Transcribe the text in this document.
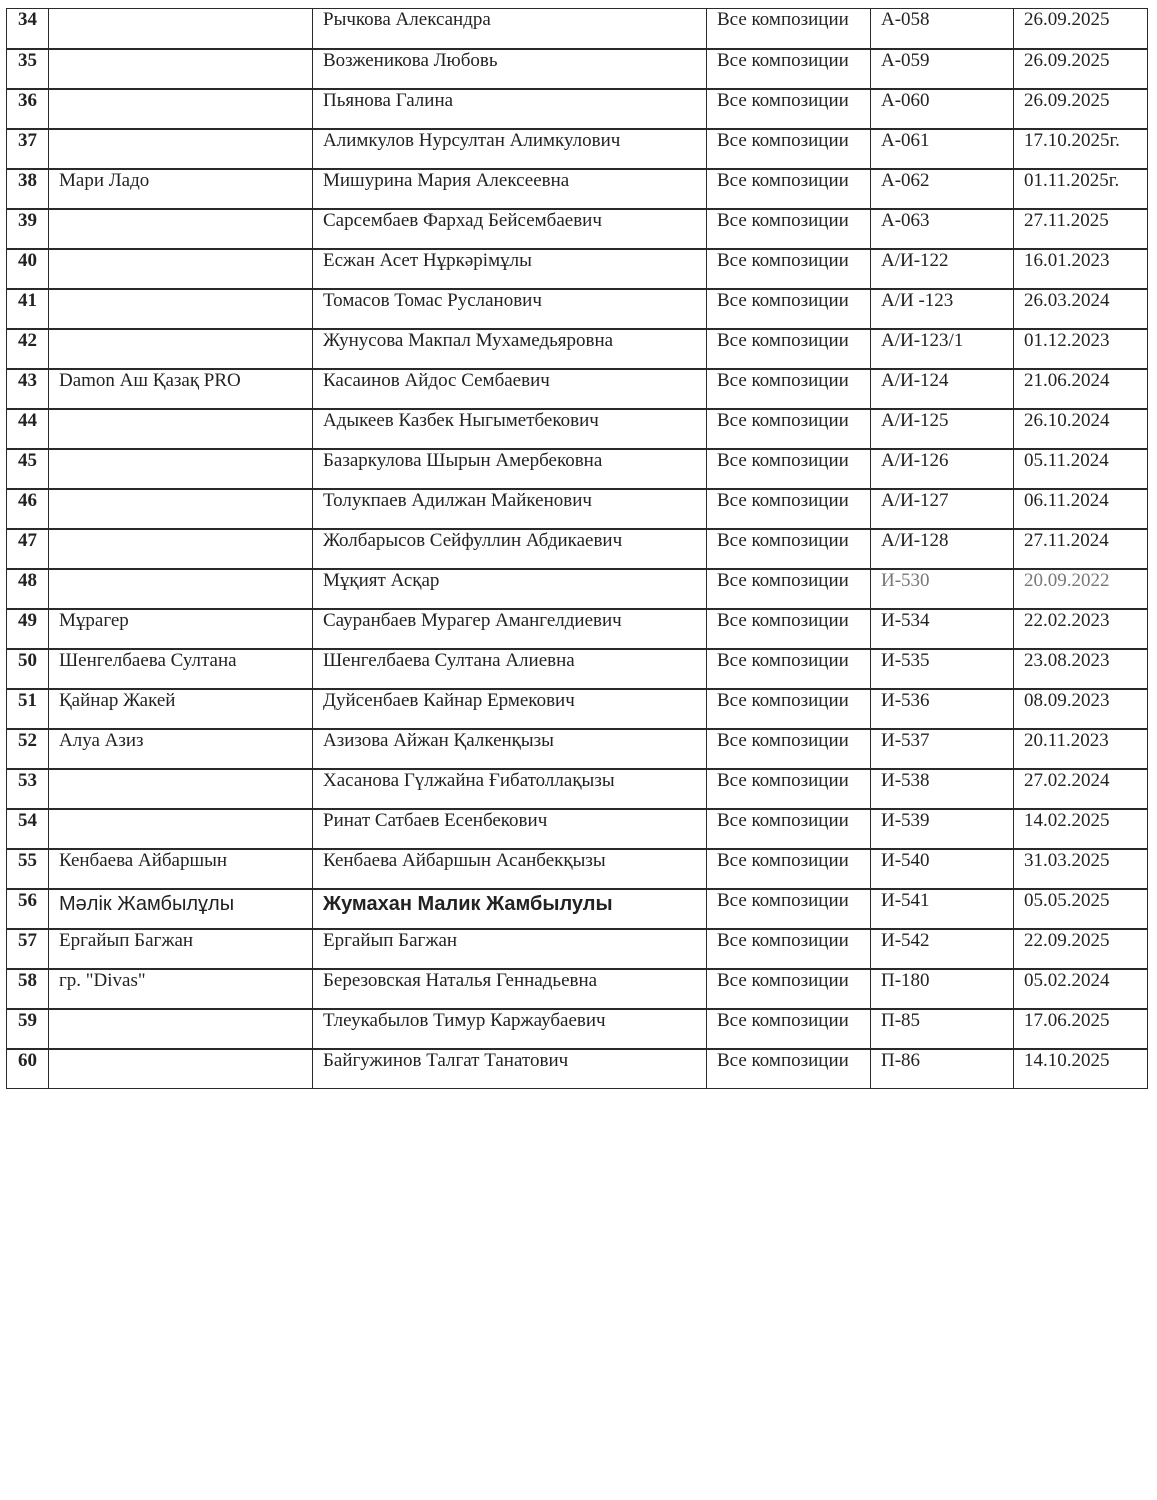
34		Рычкова Александра	Все композиции	А-058	26.09.2025
35		Возженикова Любовь	Все композиции	А-059	26.09.2025
36		Пьянова Галина	Все композиции	А-060	26.09.2025
37		Алимкулов Нурсултан Алимкулович	Все композиции	А-061	17.10.2025г.
38	Мари Ладо	Мишурина Мария Алексеевна	Все композиции	А-062	01.11.2025г.
39		Сарсембаев Фархад Бейсембаевич	Все композиции	А-063	27.11.2025
40		Есжан Асет Нұркәрімұлы	Все композиции	А/И-122	16.01.2023
41		Томасов Томас Русланович	Все композиции	А/И -123	26.03.2024
42		Жунусова Макпал Мухамедьяровна	Все композиции	А/И-123/1	01.12.2023
43	Damon Аш Қазақ PRO	Касаинов Айдос Сембаевич	Все композиции	А/И-124	21.06.2024
44		Адыкеев Казбек Ныгыметбекович	Все композиции	А/И-125	26.10.2024
45		Базаркулова Шырын Амербековна	Все композиции	А/И-126	05.11.2024
46		Толукпаев Адилжан Майкенович	Все композиции	А/И-127	06.11.2024
47		Жолбарысов Сейфуллин Абдикаевич	Все композиции	А/И-128	27.11.2024
48		Мұқият Асқар	Все композиции	И-530	20.09.2022
49	Мұрагер	Сауранбаев Мурагер Амангелдиевич	Все композиции	И-534	22.02.2023
50	Шенгелбаева Султана	Шенгелбаева Султана Алиевна	Все композиции	И-535	23.08.2023
51	Қайнар Жакей	Дуйсенбаев Кайнар Ермекович	Все композиции	И-536	08.09.2023
52	Алуа Азиз	Азизова Айжан Қалкенқызы	Все композиции	И-537	20.11.2023
53		Хасанова Гүлжайна Ғибатоллақызы	Все композиции	И-538	27.02.2024
54		Ринат Сатбаев Есенбекович	Все композиции	И-539	14.02.2025
55	Кенбаева Айбаршын	Кенбаева Айбаршын Асанбекқызы	Все композиции	И-540	31.03.2025
56	Мәлік Жамбылұлы	Жумахан Малик Жамбылулы	Все композиции	И-541	05.05.2025
57	Ергайып Багжан	Ергайып Багжан	Все композиции	И-542	22.09.2025
58	гр. "Divas"	Березовская Наталья Геннадьевна	Все композиции	П-180	05.02.2024
59		Тлеукабылов Тимур Каржаубаевич	Все композиции	П-85	17.06.2025
60		Байгужинов Талгат Танатович	Все композиции	П-86	14.10.2025
